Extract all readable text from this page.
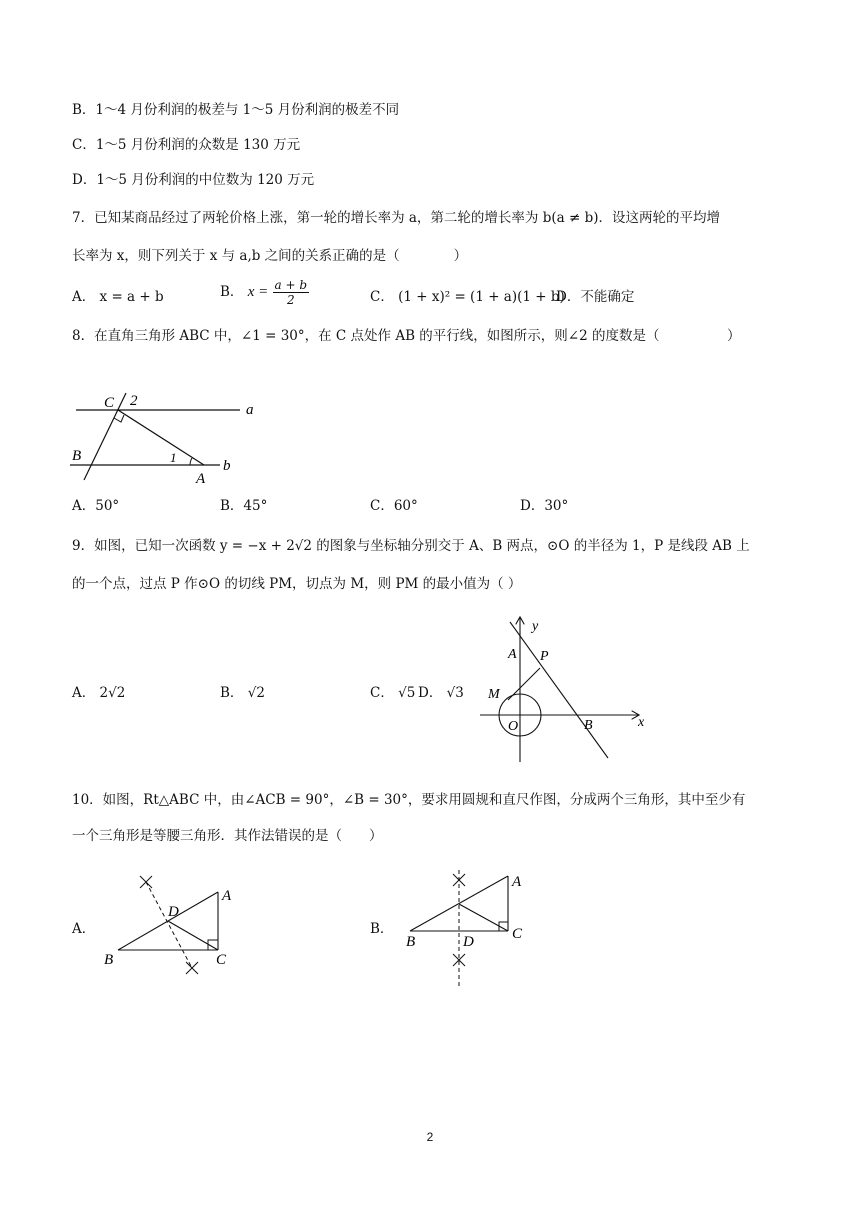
B．1～4 月份利润的极差与 1～5 月份利润的极差不同
C．1～5 月份利润的众数是 130 万元
D．1～5 月份利润的中位数为 120 万元
7．已知某商品经过了两轮价格上涨，第一轮的增长率为 a，第二轮的增长率为 b(a ≠ b)．设这两轮的平均增
长率为 x，则下列关于 x 与 a,b 之间的关系正确的是（　　　　）
A． x = a + b	B． $x = \frac{a + b}{2}$	C． (1 + x)² = (1 + a)(1 + b)
D．不能确定
8．在直角三角形 ABC 中，∠1 = 30°，在 C 点处作 AB 的平行线，如图所示，则∠2 的度数是（　　　　　）
C 2
a
B	1
A
b
A．50°	B．45°	C．60°	D．30°
9．如图，已知一次函数 y = −x + 2√2 的图象与坐标轴分别交于 A、B 两点，⊙O 的半径为 1，P 是线段 AB 上
的一个点，过点 P 作⊙O 的切线 PM，切点为 M，则 PM 的最小值为（ ）
A． 2√2	B． √2	C． √5 D． √3
y
A P
M
O	B	x
10．如图，Rt△ABC 中，由∠ACB = 90°，∠B = 30°，要求用圆规和直尺作图，分成两个三角形，其中至少有
一个三角形是等腰三角形．其作法错误的是（　　）
A．
D
A
B	C
B．
A
B	D	C
2
